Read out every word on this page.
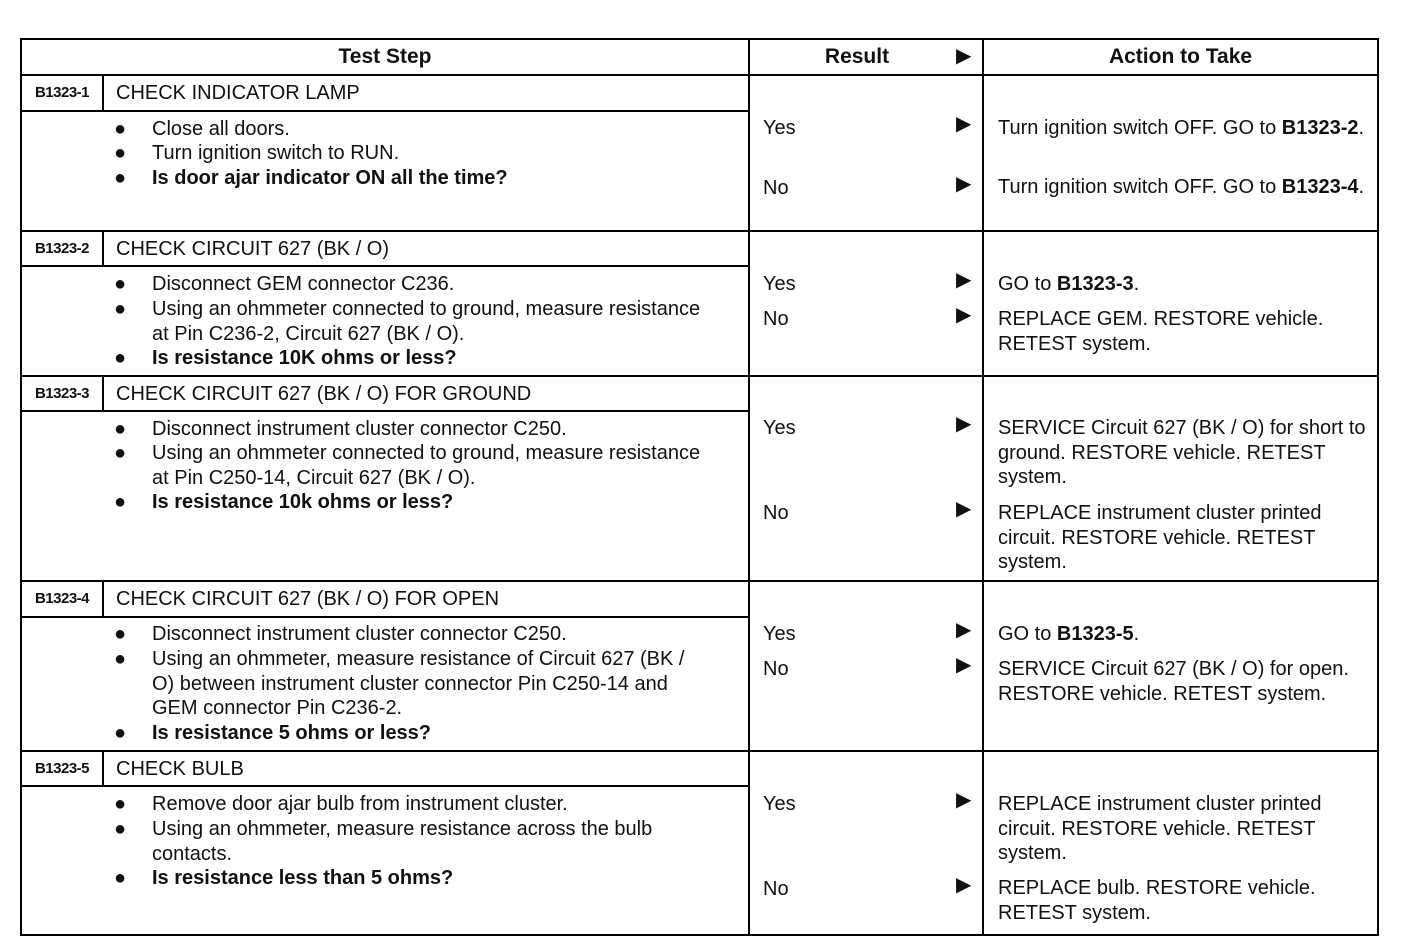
Test Step	Result	▶	Action to Take
B1323-1	CHECK INDICATOR LAMP
● Close all doors.
● Turn ignition switch to RUN.
● Is door ajar indicator ON all the time?
Yes	▶ Turn ignition switch OFF. GO to B1323-2.
No	▶ Turn ignition switch OFF. GO to B1323-4.
B1323-2	CHECK CIRCUIT 627 (BK / O)
● Disconnect GEM connector C236.
● Using an ohmmeter connected to ground, measure resistance at Pin C236-2, Circuit 627 (BK / O).
● Is resistance 10K ohms or less?
Yes	▶ GO to B1323-3.
No	▶ REPLACE GEM. RESTORE vehicle. RETEST system.
B1323-3	CHECK CIRCUIT 627 (BK / O) FOR GROUND
● Disconnect instrument cluster connector C250.
● Using an ohmmeter connected to ground, measure resistance at Pin C250-14, Circuit 627 (BK / O).
● Is resistance 10k ohms or less?
Yes	▶ SERVICE Circuit 627 (BK / O) for short to ground. RESTORE vehicle. RETEST system.
No	▶ REPLACE instrument cluster printed circuit. RESTORE vehicle. RETEST system.
B1323-4	CHECK CIRCUIT 627 (BK / O) FOR OPEN
● Disconnect instrument cluster connector C250.
● Using an ohmmeter, measure resistance of Circuit 627 (BK / O) between instrument cluster connector Pin C250-14 and GEM connector Pin C236-2.
● Is resistance 5 ohms or less?
Yes	▶ GO to B1323-5.
No	▶ SERVICE Circuit 627 (BK / O) for open. RESTORE vehicle. RETEST system.
B1323-5	CHECK BULB
● Remove door ajar bulb from instrument cluster.
● Using an ohmmeter, measure resistance across the bulb contacts.
● Is resistance less than 5 ohms?
Yes	▶ REPLACE instrument cluster printed circuit. RESTORE vehicle. RETEST system.
No	▶ REPLACE bulb. RESTORE vehicle. RETEST system.
